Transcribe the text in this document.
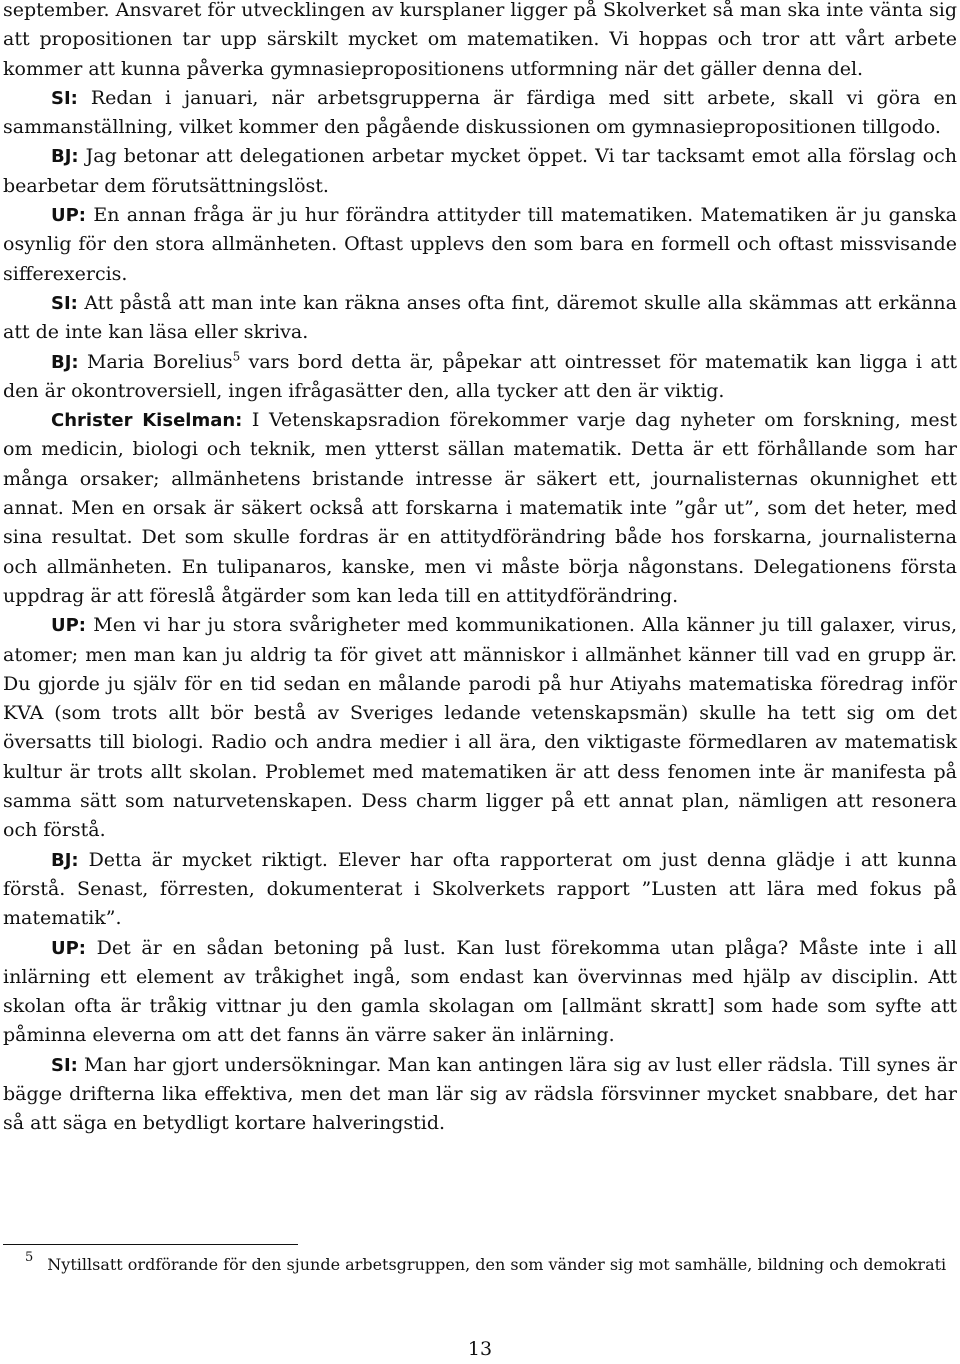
september. Ansvaret för utvecklingen av kursplaner ligger på Skolverket så man ska inte vänta sig att propositionen tar upp särskilt mycket om matematiken. Vi hoppas och tror att vårt arbete kommer att kunna påverka gymnasiepropositionens utformning när det gäller denna del.

SI: Redan i januari, när arbetsgrupperna är färdiga med sitt arbete, skall vi göra en sammanställning, vilket kommer den pågående diskussionen om gymnasiepropositionen tillgodo.

BJ: Jag betonar att delegationen arbetar mycket öppet. Vi tar tacksamt emot alla förslag och bearbetar dem förutsättningslöst.

UP: En annan fråga är ju hur förändra attityder till matematiken. Matematiken är ju ganska osynlig för den stora allmänheten. Oftast upplevs den som bara en formell och oftast missvisande sifferexercis.

SI: Att påstå att man inte kan räkna anses ofta fint, däremot skulle alla skämmas att erkänna att de inte kan läsa eller skriva.

BJ: Maria Borelius$^5$ vars bord detta är, påpekar att ointresset för matematik kan ligga i att den är okontroversiell, ingen ifrågasätter den, alla tycker att den är viktig.

Christer Kiselman: I Vetenskapsradion förekommer varje dag nyheter om forskning, mest om medicin, biologi och teknik, men ytterst sällan matematik. Detta är ett förhållande som har många orsaker; allmänhetens bristande intresse är säkert ett, journalisternas okunnighet ett annat. Men en orsak är säkert också att forskarna i matematik inte ”går ut”, som det heter, med sina resultat. Det som skulle fordras är en attitydförändring både hos forskarna, journalisterna och allmänheten. En tulipanaros, kanske, men vi måste börja någonstans. Delegationens första uppdrag är att föreslå åtgärder som kan leda till en attitydförändring.

UP: Men vi har ju stora svårigheter med kommunikationen. Alla känner ju till galaxer, virus, atomer; men man kan ju aldrig ta för givet att människor i allmänhet känner till vad en grupp är. Du gjorde ju själv för en tid sedan en målande parodi på hur Atiyahs matematiska föredrag inför KVA (som trots allt bör bestå av Sveriges ledande vetenskapsmän) skulle ha tett sig om det översatts till biologi. Radio och andra medier i all ära, den viktigaste förmedlaren av matematisk kultur är trots allt skolan. Problemet med matematiken är att dess fenomen inte är manifesta på samma sätt som naturvetenskapen. Dess charm ligger på ett annat plan, nämligen att resonera och förstå.

BJ: Detta är mycket riktigt. Elever har ofta rapporterat om just denna glädje i att kunna förstå. Senast, förresten, dokumenterat i Skolverkets rapport ”Lusten att lära med fokus på matematik”.

UP: Det är en sådan betoning på lust. Kan lust förekomma utan plåga? Måste inte i all inlärning ett element av tråkighet ingå, som endast kan övervinnas med hjälp av disciplin. Att skolan ofta är tråkig vittnar ju den gamla skolagan om [allmänt skratt] som hade som syfte att påminna eleverna om att det fanns än värre saker än inlärning.

SI: Man har gjort undersökningar. Man kan antingen lära sig av lust eller rädsla. Till synes är bägge drifterna lika effektiva, men det man lär sig av rädsla försvinner mycket snabbare, det har så att säga en betydligt kortare halveringstid.

5 Nytillsatt ordförande för den sjunde arbetsgruppen, den som vänder sig mot samhälle, bildning och demokrati
13
